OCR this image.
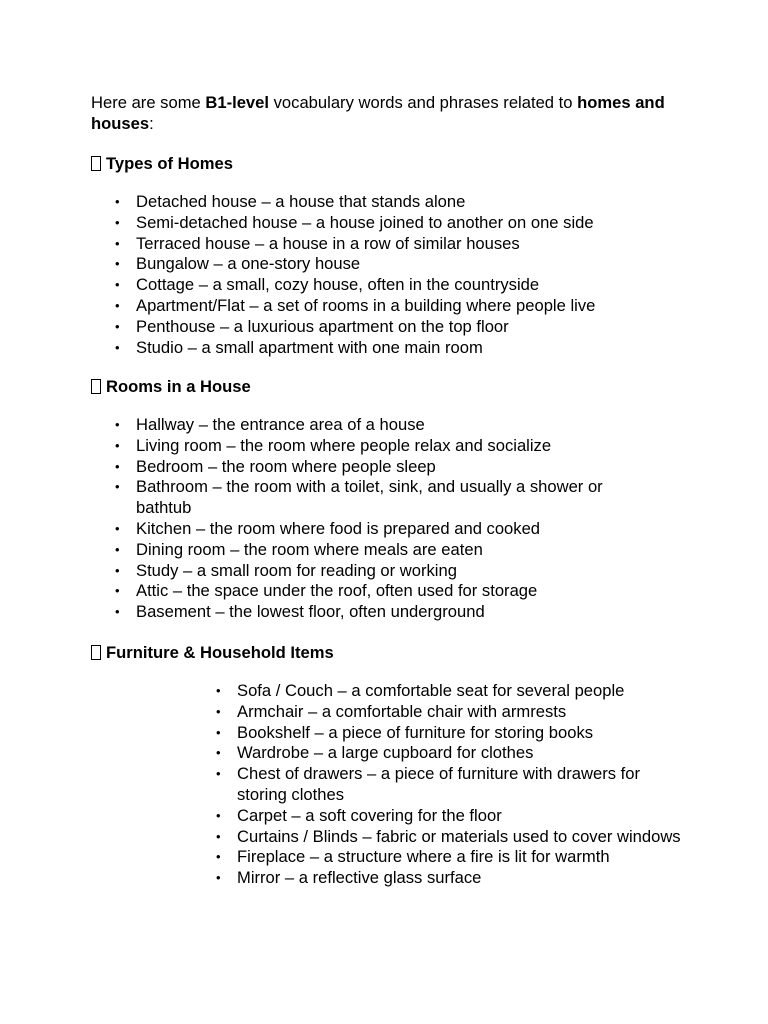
Here are some B1-level vocabulary words and phrases related to homes and houses:

Types of Homes
• Detached house – a house that stands alone
• Semi-detached house – a house joined to another on one side
• Terraced house – a house in a row of similar houses
• Bungalow – a one-story house
• Cottage – a small, cozy house, often in the countryside
• Apartment/Flat – a set of rooms in a building where people live
• Penthouse – a luxurious apartment on the top floor
• Studio – a small apartment with one main room
Rooms in a House
• Hallway – the entrance area of a house
• Living room – the room where people relax and socialize
• Bedroom – the room where people sleep
• Bathroom – the room with a toilet, sink, and usually a shower or bathtub
• Kitchen – the room where food is prepared and cooked
• Dining room – the room where meals are eaten
• Study – a small room for reading or working
• Attic – the space under the roof, often used for storage
• Basement – the lowest floor, often underground
Furniture & Household Items
• Sofa / Couch – a comfortable seat for several people
• Armchair – a comfortable chair with armrests
• Bookshelf – a piece of furniture for storing books
• Wardrobe – a large cupboard for clothes
• Chest of drawers – a piece of furniture with drawers for storing clothes
• Carpet – a soft covering for the floor
• Curtains / Blinds – fabric or materials used to cover windows
• Fireplace – a structure where a fire is lit for warmth
• Mirror – a reflective glass surface
